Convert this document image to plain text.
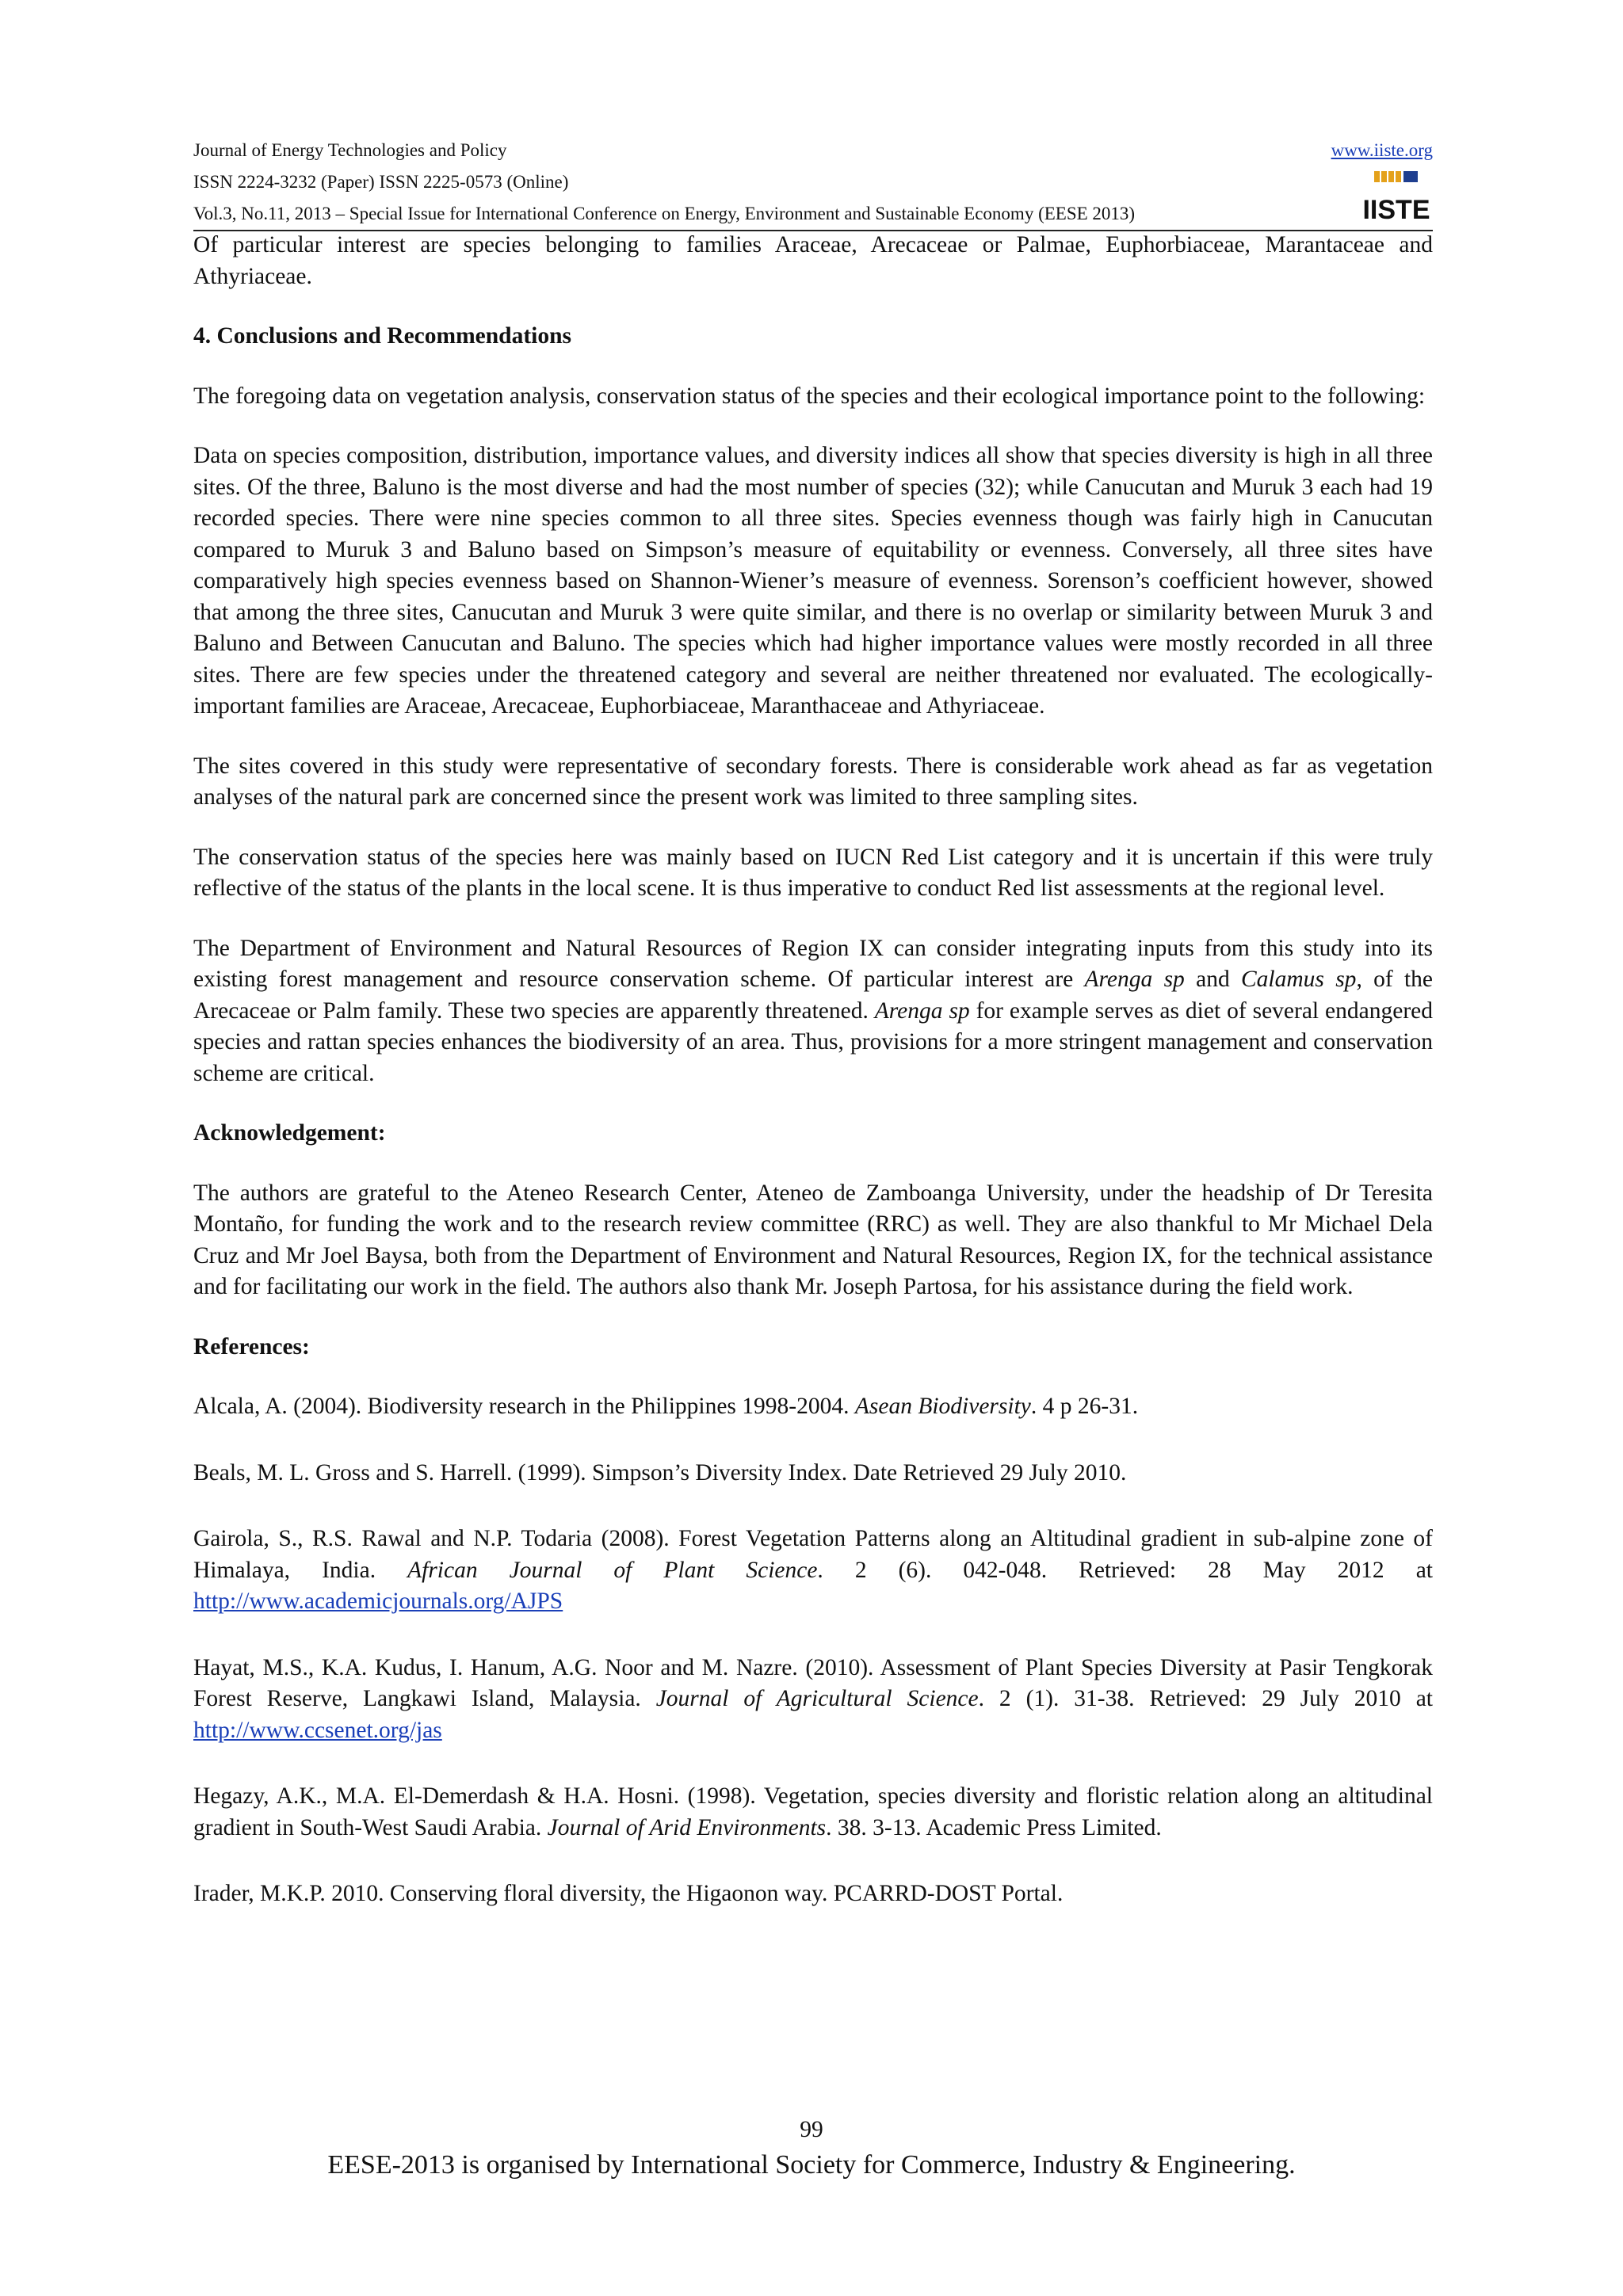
Journal of Energy Technologies and Policy	www.iiste.org
ISSN 2224-3232 (Paper) ISSN 2225-0573 (Online)
Vol.3, No.11, 2013 – Special Issue for International Conference on Energy, Environment and Sustainable Economy (EESE 2013)	IISTE

Of particular interest are species belonging to families Araceae, Arecaceae or Palmae, Euphorbiaceae, Marantaceae and Athyriaceae.

4. Conclusions and Recommendations

The foregoing data on vegetation analysis, conservation status of the species and their ecological importance point to the following:

Data on species composition, distribution, importance values, and diversity indices all show that species diversity is high in all three sites. Of the three, Baluno is the most diverse and had the most number of species (32); while Canucutan and Muruk 3 each had 19 recorded species. There were nine species common to all three sites. Species evenness though was fairly high in Canucutan compared to Muruk 3 and Baluno based on Simpson’s measure of equitability or evenness. Conversely, all three sites have comparatively high species evenness based on Shannon-Wiener’s measure of evenness. Sorenson’s coefficient however, showed that among the three sites, Canucutan and Muruk 3 were quite similar, and there is no overlap or similarity between Muruk 3 and Baluno and Between Canucutan and Baluno. The species which had higher importance values were mostly recorded in all three sites. There are few species under the threatened category and several are neither threatened nor evaluated. The ecologically-important families are Araceae, Arecaceae, Euphorbiaceae, Maranthaceae and Athyriaceae.

The sites covered in this study were representative of secondary forests. There is considerable work ahead as far as vegetation analyses of the natural park are concerned since the present work was limited to three sampling sites.

The conservation status of the species here was mainly based on IUCN Red List category and it is uncertain if this were truly reflective of the status of the plants in the local scene. It is thus imperative to conduct Red list assessments at the regional level.

The Department of Environment and Natural Resources of Region IX can consider integrating inputs from this study into its existing forest management and resource conservation scheme. Of particular interest are Arenga sp and Calamus sp, of the Arecaceae or Palm family. These two species are apparently threatened. Arenga sp for example serves as diet of several endangered species and rattan species enhances the biodiversity of an area. Thus, provisions for a more stringent management and conservation scheme are critical.

Acknowledgement:

The authors are grateful to the Ateneo Research Center, Ateneo de Zamboanga University, under the headship of Dr Teresita Montaño, for funding the work and to the research review committee (RRC) as well. They are also thankful to Mr Michael Dela Cruz and Mr Joel Baysa, both from the Department of Environment and Natural Resources, Region IX, for the technical assistance and for facilitating our work in the field. The authors also thank Mr. Joseph Partosa, for his assistance during the field work.

References:

Alcala, A. (2004). Biodiversity research in the Philippines 1998-2004. Asean Biodiversity. 4 p 26-31.

Beals, M. L. Gross and S. Harrell. (1999). Simpson’s Diversity Index. Date Retrieved 29 July 2010.

Gairola, S., R.S. Rawal and N.P. Todaria (2008). Forest Vegetation Patterns along an Altitudinal gradient in sub-alpine zone of Himalaya, India. African Journal of Plant Science. 2 (6). 042-048. Retrieved: 28 May 2012 at http://www.academicjournals.org/AJPS

Hayat, M.S., K.A. Kudus, I. Hanum, A.G. Noor and M. Nazre. (2010). Assessment of Plant Species Diversity at Pasir Tengkorak Forest Reserve, Langkawi Island, Malaysia. Journal of Agricultural Science. 2 (1). 31-38. Retrieved: 29 July 2010 at http://www.ccsenet.org/jas

Hegazy, A.K., M.A. El-Demerdash & H.A. Hosni. (1998). Vegetation, species diversity and floristic relation along an altitudinal gradient in South-West Saudi Arabia. Journal of Arid Environments. 38. 3-13. Academic Press Limited.

Irader, M.K.P. 2010. Conserving floral diversity, the Higaonon way. PCARRD-DOST Portal.

99
EESE-2013 is organised by International Society for Commerce, Industry & Engineering.
